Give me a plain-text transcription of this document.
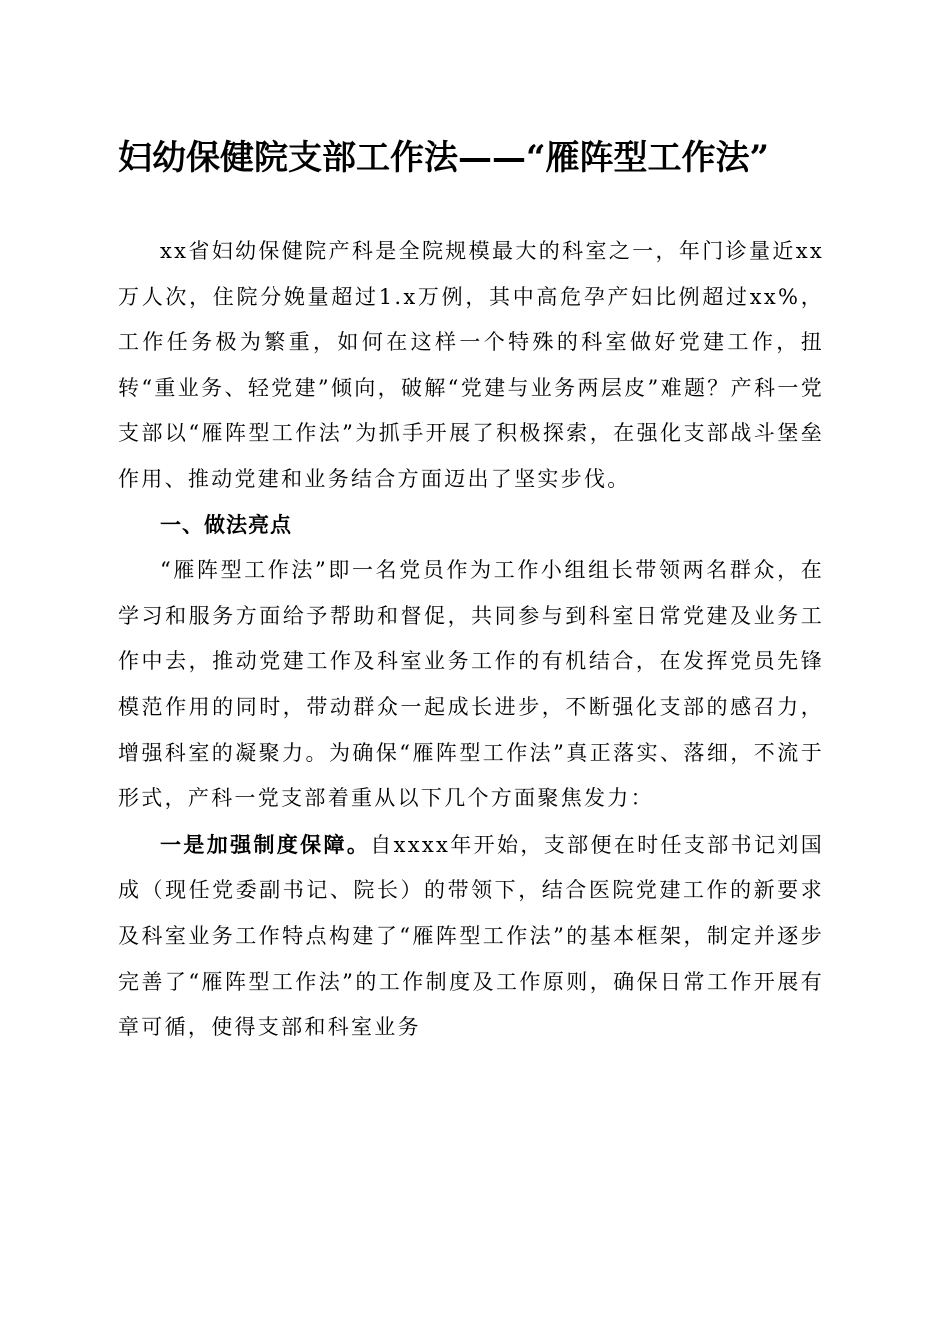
妇幼保健院支部工作法——“雁阵型工作法”

xx省妇幼保健院产科是全院规模最大的科室之一，年门诊量近xx万人次，住院分娩量超过1.x万例，其中高危孕产妇比例超过xx%，工作任务极为繁重，如何在这样一个特殊的科室做好党建工作，扭转“重业务、轻党建”倾向，破解“党建与业务两层皮”难题？产科一党支部以“雁阵型工作法”为抓手开展了积极探索，在强化支部战斗堡垒作用、推动党建和业务结合方面迈出了坚实步伐。

一、做法亮点

“雁阵型工作法”即一名党员作为工作小组组长带领两名群众，在学习和服务方面给予帮助和督促，共同参与到科室日常党建及业务工作中去，推动党建工作及科室业务工作的有机结合，在发挥党员先锋模范作用的同时，带动群众一起成长进步，不断强化支部的感召力，增强科室的凝聚力。为确保“雁阵型工作法”真正落实、落细，不流于形式，产科一党支部着重从以下几个方面聚焦发力：

一是加强制度保障。自xxxx年开始，支部便在时任支部书记刘国成（现任党委副书记、院长）的带领下，结合医院党建工作的新要求及科室业务工作特点构建了“雁阵型工作法”的基本框架，制定并逐步完善了“雁阵型工作法”的工作制度及工作原则，确保日常工作开展有章可循，使得支部和科室业务
